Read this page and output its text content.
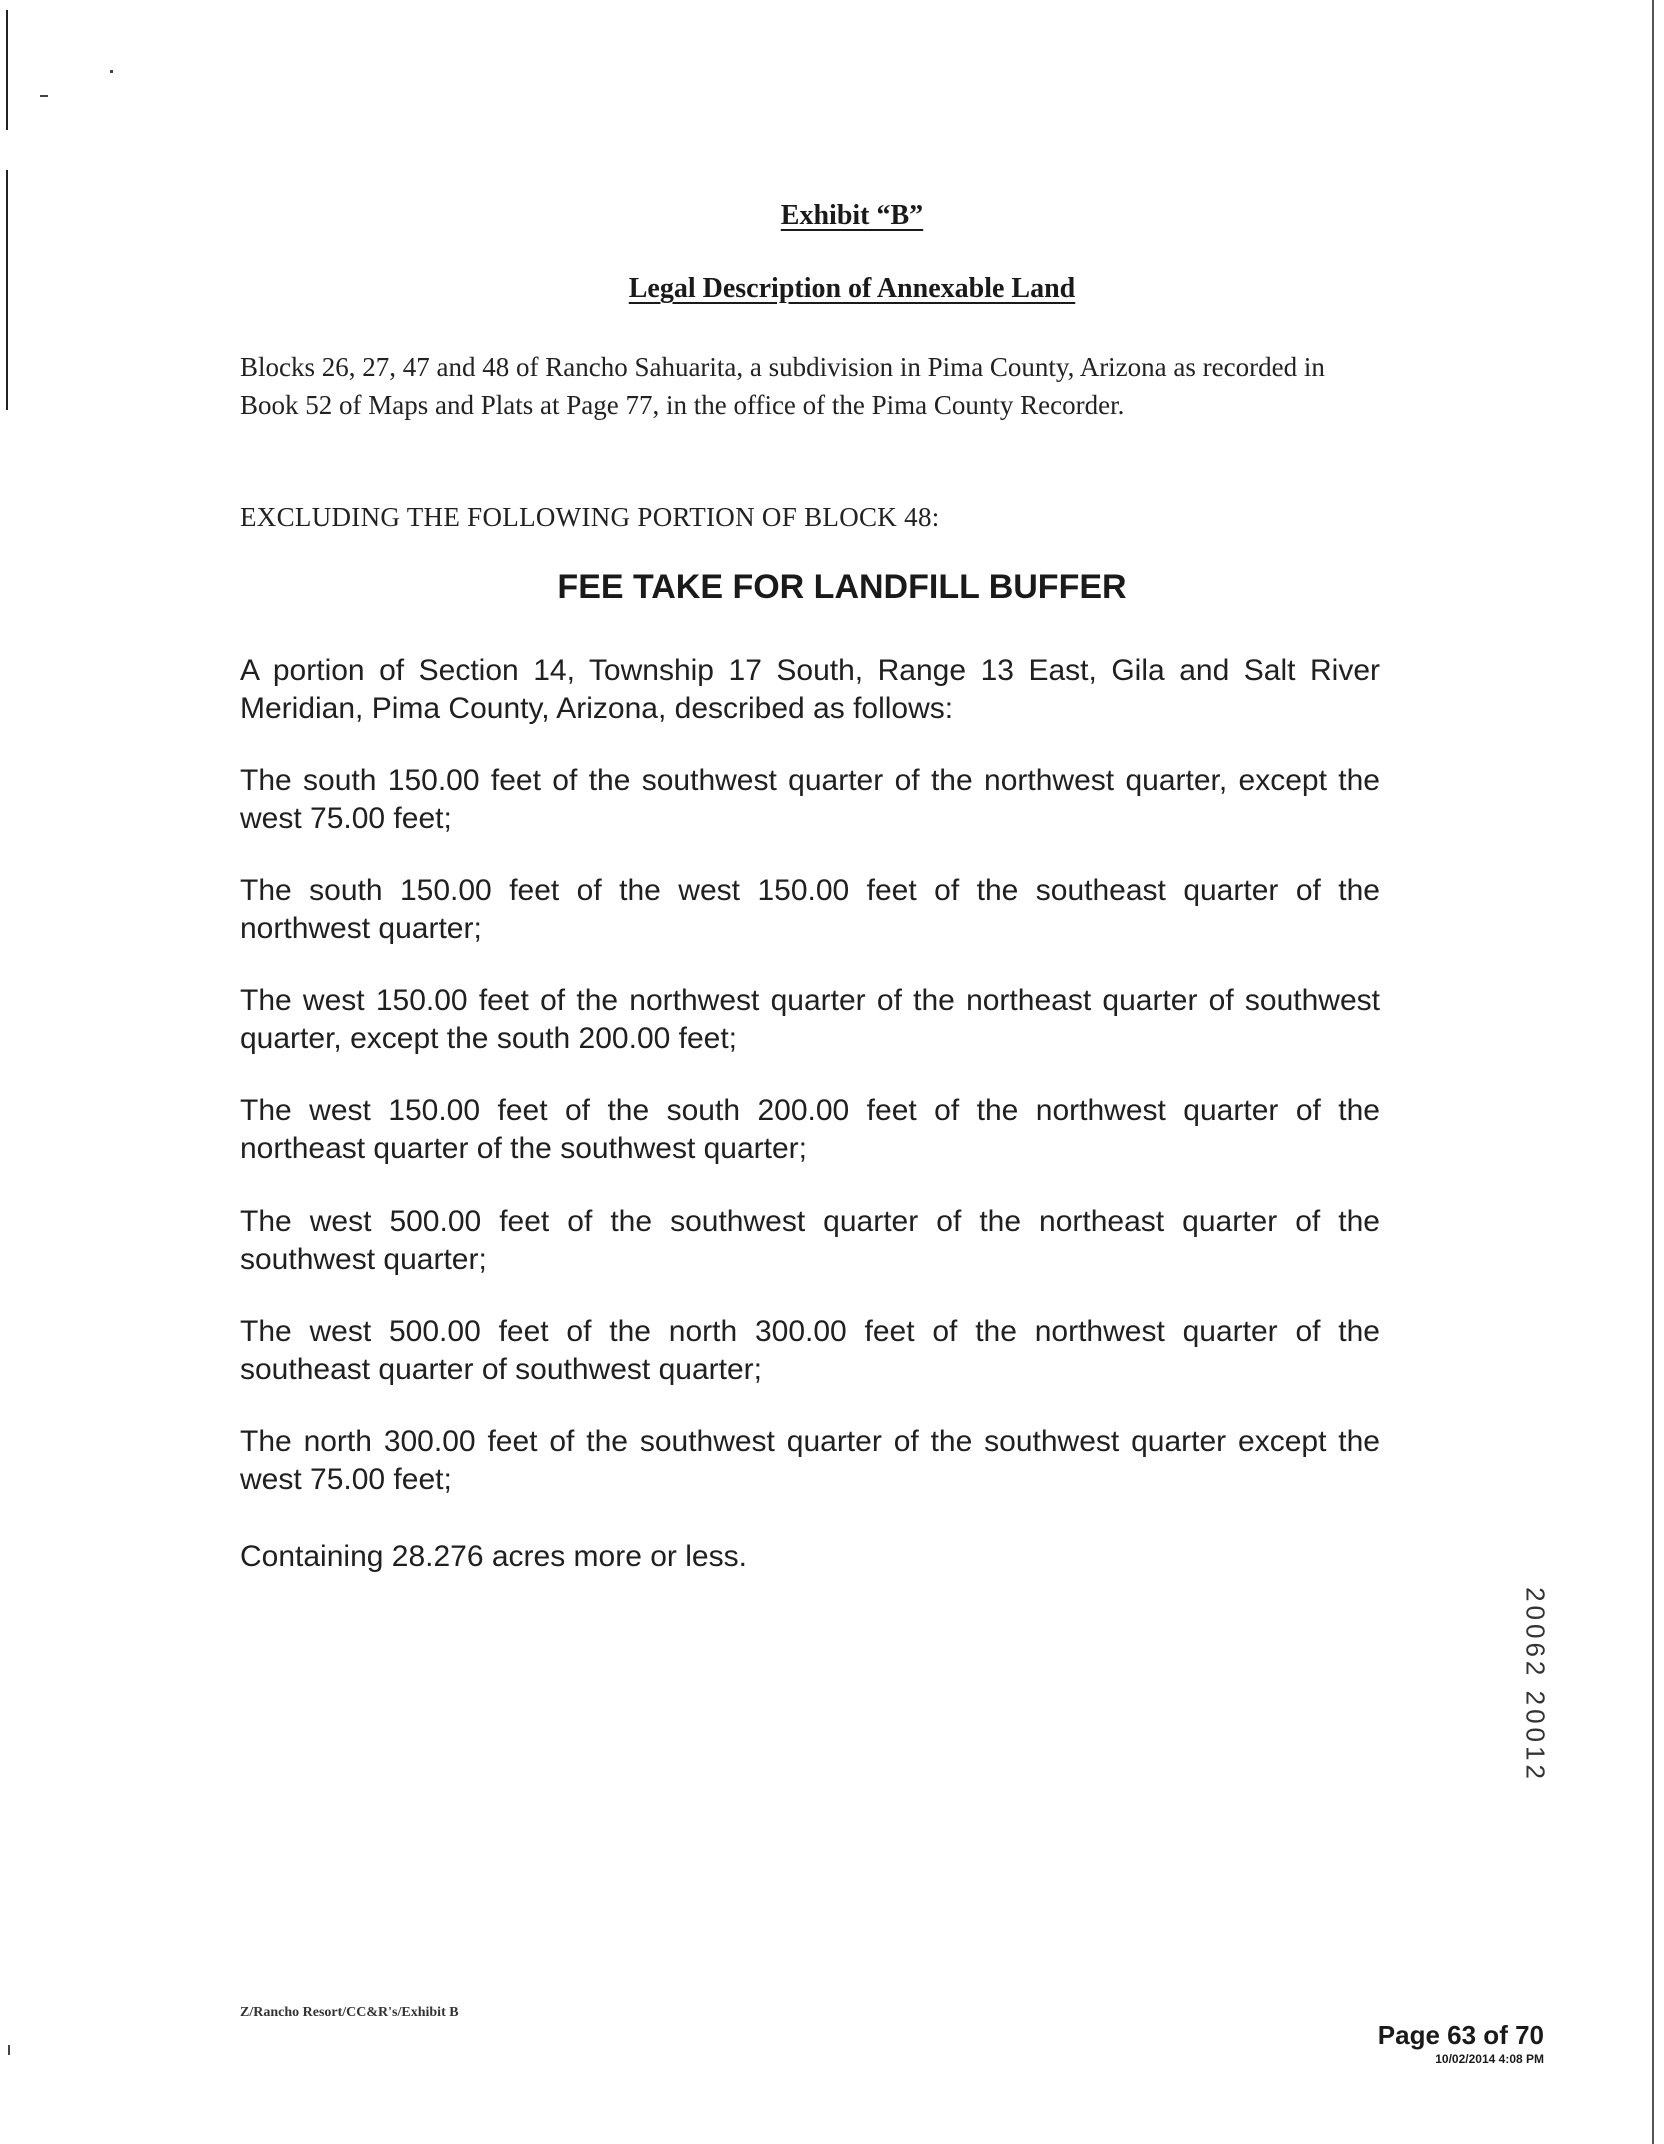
Exhibit “B”
Legal Description of Annexable Land
Blocks 26, 27, 47 and 48 of Rancho Sahuarita, a subdivision in Pima County, Arizona as recorded in Book 52 of Maps and Plats at Page 77, in the office of the Pima County Recorder.
EXCLUDING THE FOLLOWING PORTION OF BLOCK 48:
FEE TAKE FOR LANDFILL BUFFER
A portion of Section 14, Township 17 South, Range 13 East, Gila and Salt River Meridian, Pima County, Arizona, described as follows:
The south 150.00 feet of the southwest quarter of the northwest quarter, except the west 75.00 feet;
The south 150.00 feet of the west 150.00 feet of the southeast quarter of the northwest quarter;
The west 150.00 feet of the northwest quarter of the northeast quarter of southwest quarter, except the south 200.00 feet;
The west 150.00 feet of the south 200.00 feet of the northwest quarter of the northeast quarter of the southwest quarter;
The west 500.00 feet of the southwest quarter of the northeast quarter of the southwest quarter;
The west 500.00 feet of the north 300.00 feet of the northwest quarter of the southeast quarter of southwest quarter;
The north 300.00 feet of the southwest quarter of the southwest quarter except the west 75.00 feet;
Containing 28.276 acres more or less.
20062 20012
Z/Rancho Resort/CC&R's/Exhibit B
Page 63 of 70
10/02/2014 4:08 PM
